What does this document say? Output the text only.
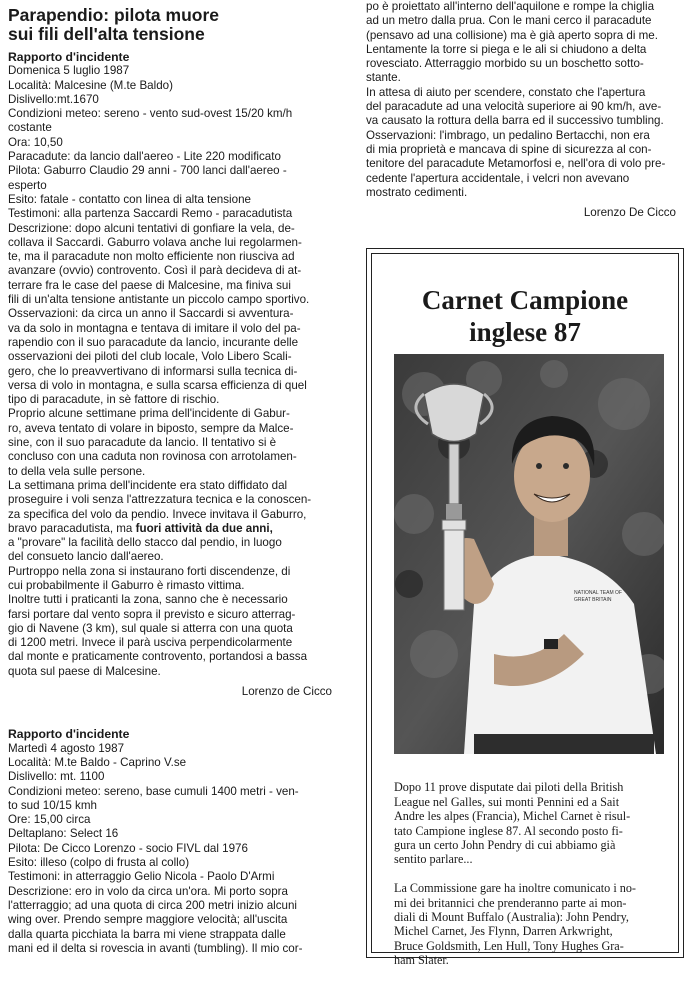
Parapendio: pilota muore
sui fili dell'alta tensione
Rapporto d'incidente

Domenica 5 luglio 1987

Località: Malcesine (M.te Baldo)

Dislivello:mt.1670

Condizioni meteo: sereno - vento sud-ovest 15/20 km/h
costante

Ora: 10,50

Paracadute: da lancio dall'aereo - Lite 220 modificato

Pilota: Gaburro Claudio 29 anni - 700 lanci dall'aereo -
esperto

Esito: fatale - contatto con linea di alta tensione

Testimoni: alla partenza Saccardi Remo - paracadutista

Descrizione: dopo alcuni tentativi di gonfiare la vela, de-
collava il Saccardi. Gaburro volava anche lui regolarmen-
te, ma il paracadute non molto efficiente non riusciva ad
avanzare (ovvio) controvento. Così il parà decideva di at-
terrare fra le case del paese di Malcesine, ma finiva sui
fili di un'alta tensione antistante un piccolo campo sportivo.

Osservazioni: da circa un anno il Saccardi si avventura-
va da solo in montagna e tentava di imitare il volo del pa-
rapendio con il suo paracadute da lancio, incurante delle
osservazioni dei piloti del club locale, Volo Libero Scali-
gero, che lo preavvertivano di informarsi sulla tecnica di-
versa di volo in montagna, e sulla scarsa efficienza di quel
tipo di paracadute, in sè fattore di rischio.

Proprio alcune settimane prima dell'incidente di Gabur-
ro, aveva tentato di volare in biposto, sempre da Malce-
sine, con il suo paracadute da lancio. Il tentativo si è
concluso con una caduta non rovinosa con arrotolamen-
to della vela sulle persone.

La settimana prima dell'incidente era stato diffidato dal
proseguire i voli senza l'attrezzatura tecnica e la conoscen-
za specifica del volo da pendio. Invece invitava il Gaburro,
bravo paracadutista, ma fuori attività da due anni,
a "provare" la facilità dello stacco dal pendio, in luogo
del consueto lancio dall'aereo.

Purtroppo nella zona si instaurano forti discendenze, di
cui probabilmente il Gaburro è rimasto vittima.

Inoltre tutti i praticanti la zona, sanno che è necessario
farsi portare dal vento sopra il previsto e sicuro atterrag-
gio di Navene (3 km), sul quale si atterra con una quota
di 1200 metri. Invece il parà usciva perpendicolarmente
dal monte e praticamente controvento, portandosi a bassa
quota sul paese di Malcesine.

Lorenzo de Cicco
Rapporto d'incidente

Martedì 4 agosto 1987

Località: M.te Baldo - Caprino V.se

Dislivello: mt. 1100

Condizioni meteo: sereno, base cumuli 1400 metri - ven-
to sud 10/15 kmh

Ore: 15,00 circa

Deltaplano: Select 16

Pilota: De Cicco Lorenzo - socio FIVL dal 1976

Esito: illeso (colpo di frusta al collo)

Testimoni: in atterraggio Gelio Nicola - Paolo D'Armi

Descrizione: ero in volo da circa un'ora. Mi porto sopra
l'atterraggio; ad una quota di circa 200 metri inizio alcuni
wing over. Prendo sempre maggiore velocità; all'uscita
dalla quarta picchiata la barra mi viene strappata dalle
mani ed il delta si rovescia in avanti (tumbling). Il mio cor-

po è proiettato all'interno dell'aquilone e rompe la chiglia
ad un metro dalla prua. Con le mani cerco il paracadute
(pensavo ad una collisione) ma è già aperto sopra di me.
Lentamente la torre si piega e le ali si chiudono a delta
rovesciato. Atterraggio morbido su un boschetto sotto-
stante.

In attesa di aiuto per scendere, constato che l'apertura
del paracadute ad una velocità superiore ai 90 km/h, ave-
va causato la rottura della barra ed il successivo tumbling.

Osservazioni: l'imbrago, un pedalino Bertacchi, non era
di mia proprietà e mancava di spine di sicurezza al con-
tenitore del paracadute Metamorfosi e, nell'ora di volo pre-
cedente l'apertura accidentale, i velcri non avevano
mostrato cedimenti.

Lorenzo De Cicco
Carnet Campione
inglese 87
NATIONAL TEAM OF
GREAT BRITAIN

Dopo 11 prove disputate dai piloti della British
League nel Galles, sui monti Pennini ed a Sait
Andre les alpes (Francia), Michel Carnet è risul-
tato Campione inglese 87. Al secondo posto fi-
gura un certo John Pendry di cui abbiamo già
sentito parlare...

La Commissione gare ha inoltre comunicato i no-
mi dei britannici che prenderanno parte ai mon-
diali di Mount Buffalo (Australia): John Pendry,
Michel Carnet, Jes Flynn, Darren Arkwright,
Bruce Goldsmith, Len Hull, Tony Hughes Gra-
ham Slater.
